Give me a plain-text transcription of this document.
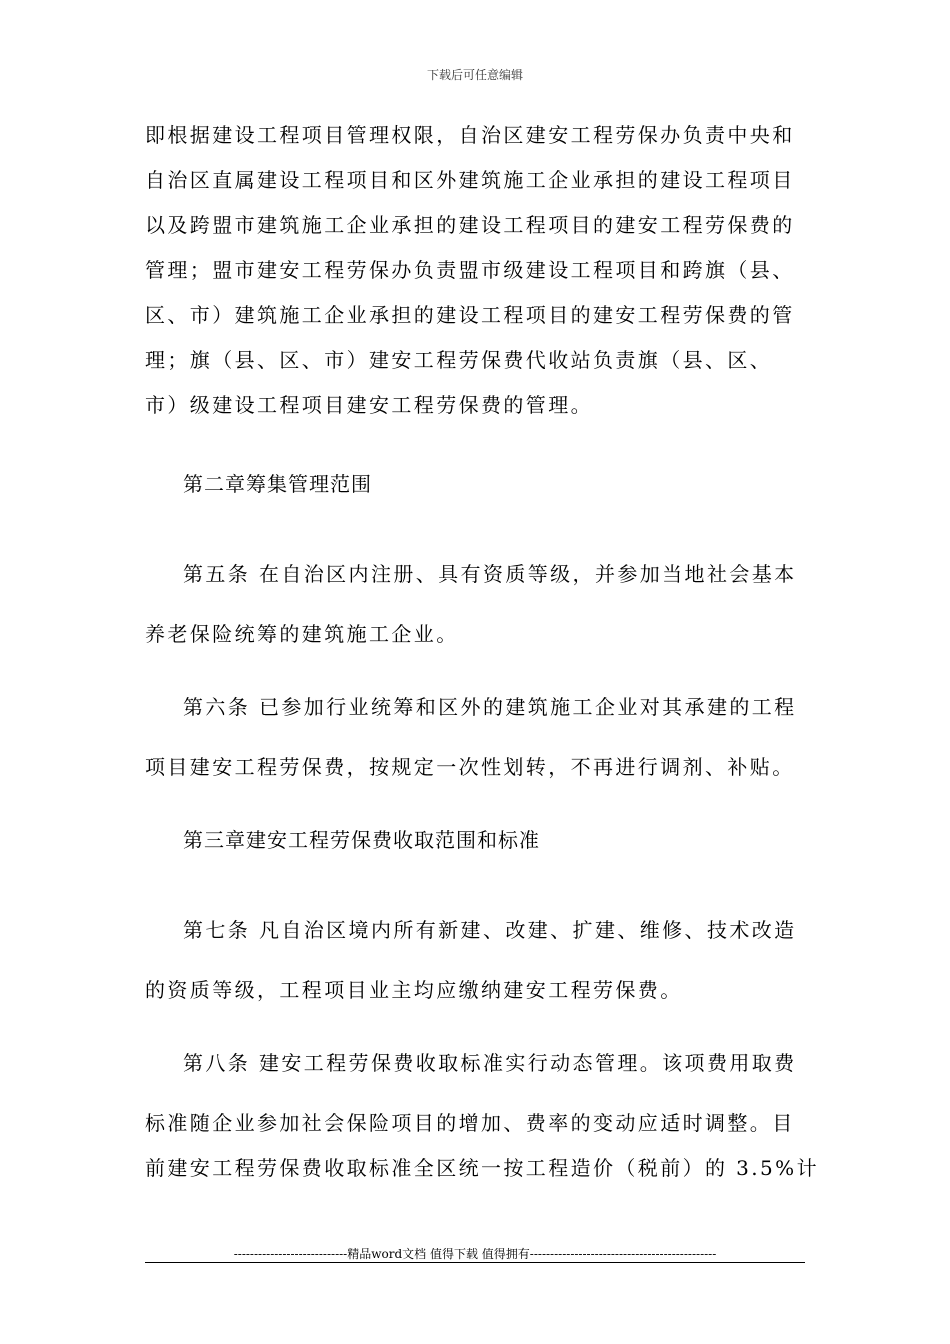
下载后可任意编辑
即根据建设工程项目管理权限，自治区建安工程劳保办负责中央和
自治区直属建设工程项目和区外建筑施工企业承担的建设工程项目
以及跨盟市建筑施工企业承担的建设工程项目的建安工程劳保费的
管理；盟市建安工程劳保办负责盟市级建设工程项目和跨旗（县、
区、市）建筑施工企业承担的建设工程项目的建安工程劳保费的管
理；旗（县、区、市）建安工程劳保费代收站负责旗（县、区、
市）级建设工程项目建安工程劳保费的管理。
第二章筹集管理范围
第五条 在自治区内注册、具有资质等级，并参加当地社会基本
养老保险统筹的建筑施工企业。
第六条 已参加行业统筹和区外的建筑施工企业对其承建的工程
项目建安工程劳保费，按规定一次性划转，不再进行调剂、补贴。
第三章建安工程劳保费收取范围和标准
第七条 凡自治区境内所有新建、改建、扩建、维修、技术改造
的资质等级，工程项目业主均应缴纳建安工程劳保费。
第八条 建安工程劳保费收取标准实行动态管理。该项费用取费
标准随企业参加社会保险项目的增加、费率的变动应适时调整。目
前建安工程劳保费收取标准全区统一按工程造价（税前）的 3.5%计
----------------------------精品word文档 值得下载 值得拥有----------------------------------------------
